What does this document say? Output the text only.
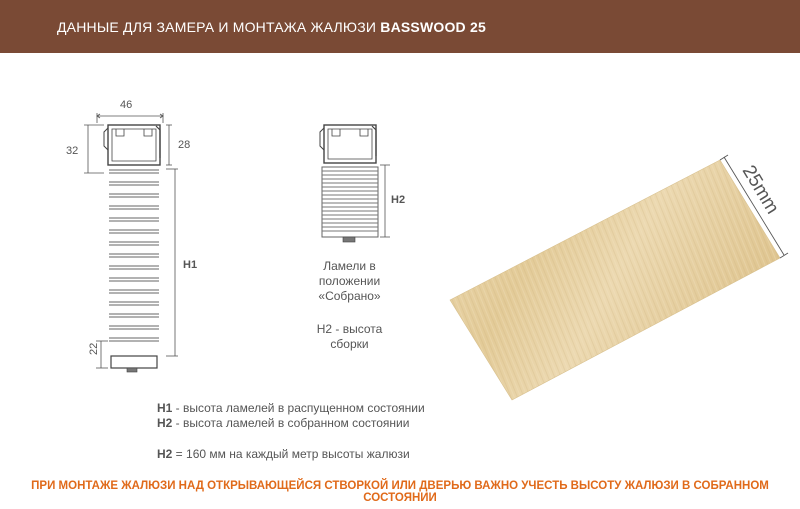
ДАННЫЕ ДЛЯ ЗАМЕРА И МОНТАЖА ЖАЛЮЗИ BASSWOOD 25
46
32	28
H1
22
H2	25mm
Ламели в положении «Собрано»
H2 - высота сборки
H1 - высота ламелей в распущенном состоянии
H2 - высота ламелей в собранном состоянии
H2 = 160 мм на каждый метр высоты жалюзи
ПРИ МОНТАЖЕ ЖАЛЮЗИ НАД ОТКРЫВАЮЩЕЙСЯ СТВОРКОЙ ИЛИ ДВЕРЬЮ ВАЖНО УЧЕСТЬ ВЫСОТУ ЖАЛЮЗИ В СОБРАННОМ СОСТОЯНИИ
